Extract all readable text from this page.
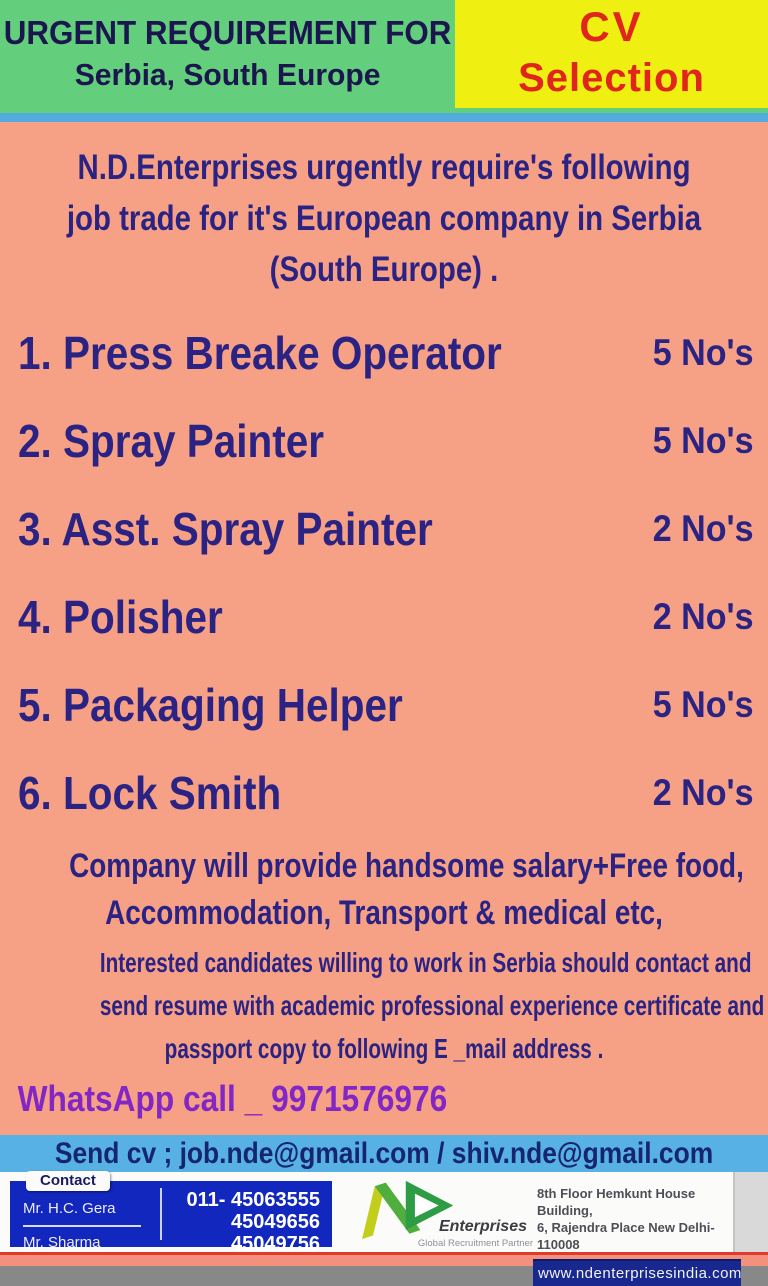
URGENT REQUIREMENT FOR
Serbia, South Europe
CV
Selection
N.D.Enterprises urgently require's following
job trade for it's European company in Serbia
(South Europe) .
1. Press Breake Operator	5 No's
2. Spray Painter	5 No's
3. Asst. Spray Painter	2 No's
4. Polisher	2 No's
5. Packaging Helper	5 No's
6. Lock Smith	2 No's
Company will provide handsome salary+Free food,
Accommodation, Transport & medical etc,
Interested candidates willing to work in Serbia should contact and
send resume with academic professional experience certificate and
passport copy to following E _mail address .
WhatsApp call _ 9971576976
Send cv ; job.nde@gmail.com / shiv.nde@gmail.com
Contact
Mr. H.C. Gera
Mr. Sharma
011- 45063555
45049656
45049756
Enterprises
Global Recruitment Partner
8th Floor Hemkunt House Building,
6, Rajendra Place New Delhi-110008
www.ndenterprisesindia.com
